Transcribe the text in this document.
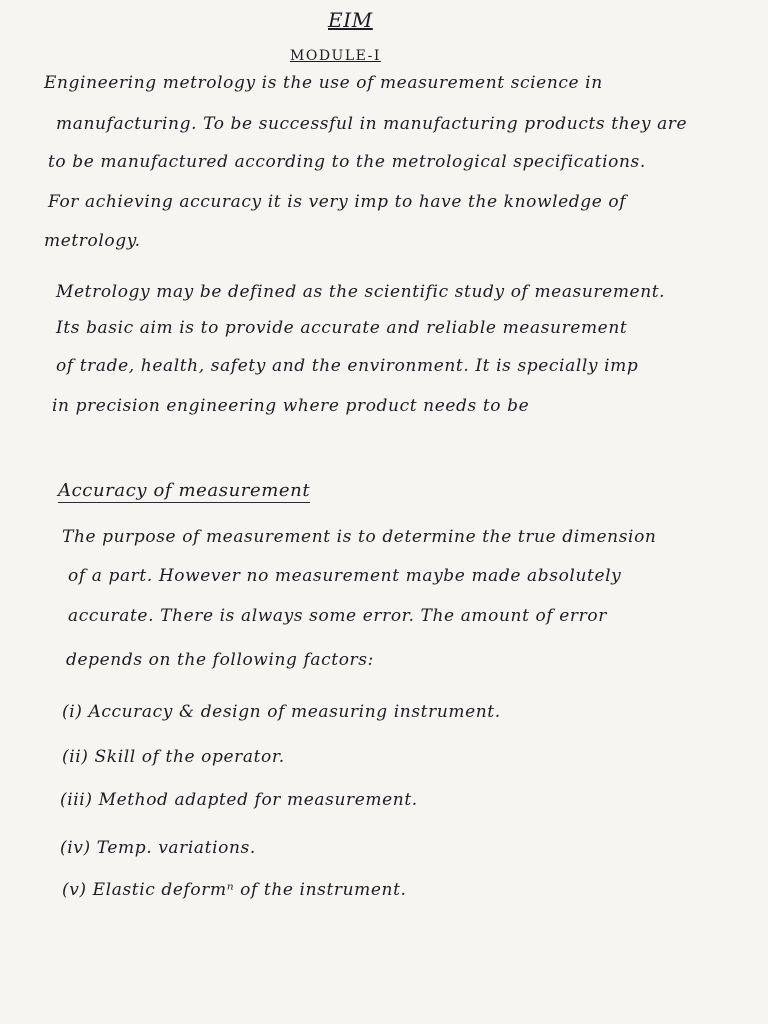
EIM
MODULE-I
Engineering metrology is the use of measurement science in
manufacturing. To be successful in manufacturing products they are
to be manufactured according to the metrological specifications.
For achieving accuracy it is very imp to have the knowledge of
metrology.
Metrology may be defined as the scientific study of measurement.
Its basic aim is to provide accurate and reliable measurement
of trade, health, safety and the environment. It is specially imp
in precision engineering where product needs to be
Accuracy of measurement
The purpose of measurement is to determine the true dimension
of a part. However no measurement maybe made absolutely
accurate. There is always some error. The amount of error
depends on the following factors:
(i) Accuracy & design of measuring instrument.
(ii) Skill of the operator.
(iii) Method adapted for measurement.
(iv) Temp. variations.
(v) Elastic deformⁿ of the instrument.
